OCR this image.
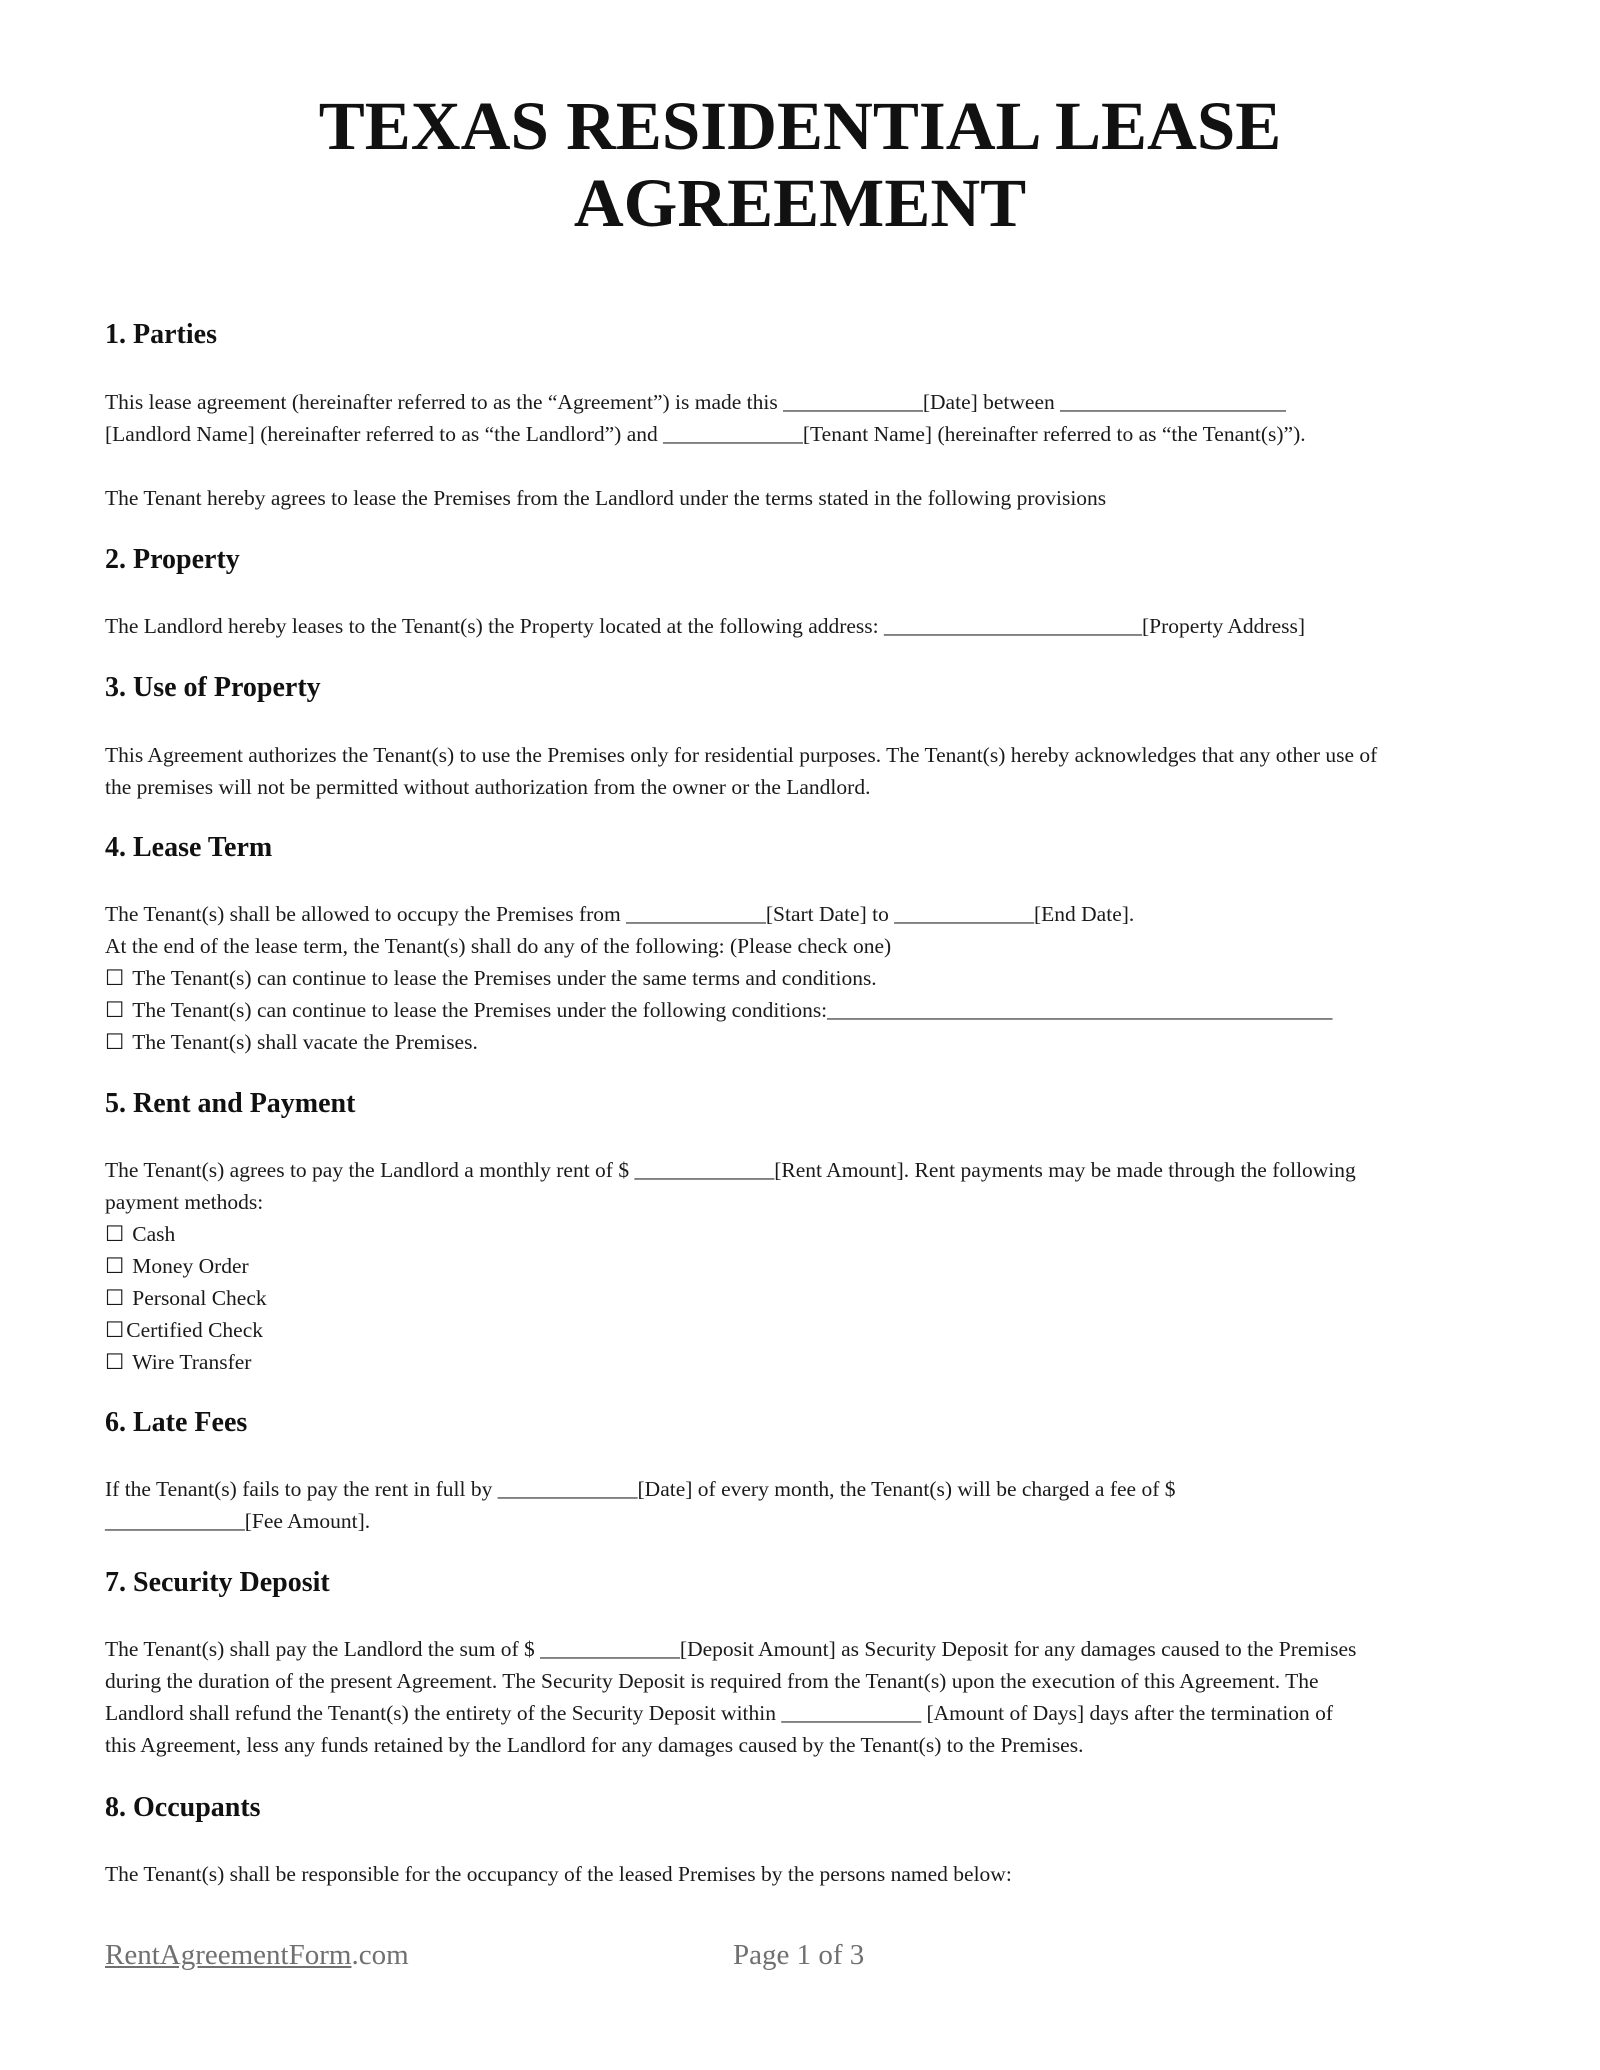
TEXAS RESIDENTIAL LEASE
AGREEMENT
1. Parties

This lease agreement (hereinafter referred to as the “Agreement”) is made this _____________[Date] between _____________________
[Landlord Name] (hereinafter referred to as “the Landlord”) and _____________[Tenant Name] (hereinafter referred to as “the Tenant(s)”).

The Tenant hereby agrees to lease the Premises from the Landlord under the terms stated in the following provisions

2. Property

The Landlord hereby leases to the Tenant(s) the Property located at the following address: ________________________[Property Address]

3. Use of Property

This Agreement authorizes the Tenant(s) to use the Premises only for residential purposes. The Tenant(s) hereby acknowledges that any other use of
the premises will not be permitted without authorization from the owner or the Landlord.

4. Lease Term

The Tenant(s) shall be allowed to occupy the Premises from _____________[Start Date] to _____________[End Date].
At the end of the lease term, the Tenant(s) shall do any of the following: (Please check one)
☐ The Tenant(s) can continue to lease the Premises under the same terms and conditions.
☐ The Tenant(s) can continue to lease the Premises under the following conditions:_______________________________________________
☐ The Tenant(s) shall vacate the Premises.

5. Rent and Payment

The Tenant(s) agrees to pay the Landlord a monthly rent of $ _____________[Rent Amount]. Rent payments may be made through the following
payment methods:
☐ Cash
☐ Money Order
☐ Personal Check
☐Certified Check
☐ Wire Transfer

6. Late Fees

If the Tenant(s) fails to pay the rent in full by _____________[Date] of every month, the Tenant(s) will be charged a fee of $
_____________[Fee Amount].

7. Security Deposit

The Tenant(s) shall pay the Landlord the sum of $ _____________[Deposit Amount] as Security Deposit for any damages caused to the Premises
during the duration of the present Agreement. The Security Deposit is required from the Tenant(s) upon the execution of this Agreement. The
Landlord shall refund the Tenant(s) the entirety of the Security Deposit within _____________ [Amount of Days] days after the termination of
this Agreement, less any funds retained by the Landlord for any damages caused by the Tenant(s) to the Premises.

8. Occupants

The Tenant(s) shall be responsible for the occupancy of the leased Premises by the persons named below:

RentAgreementForm.com	Page 1 of 3
